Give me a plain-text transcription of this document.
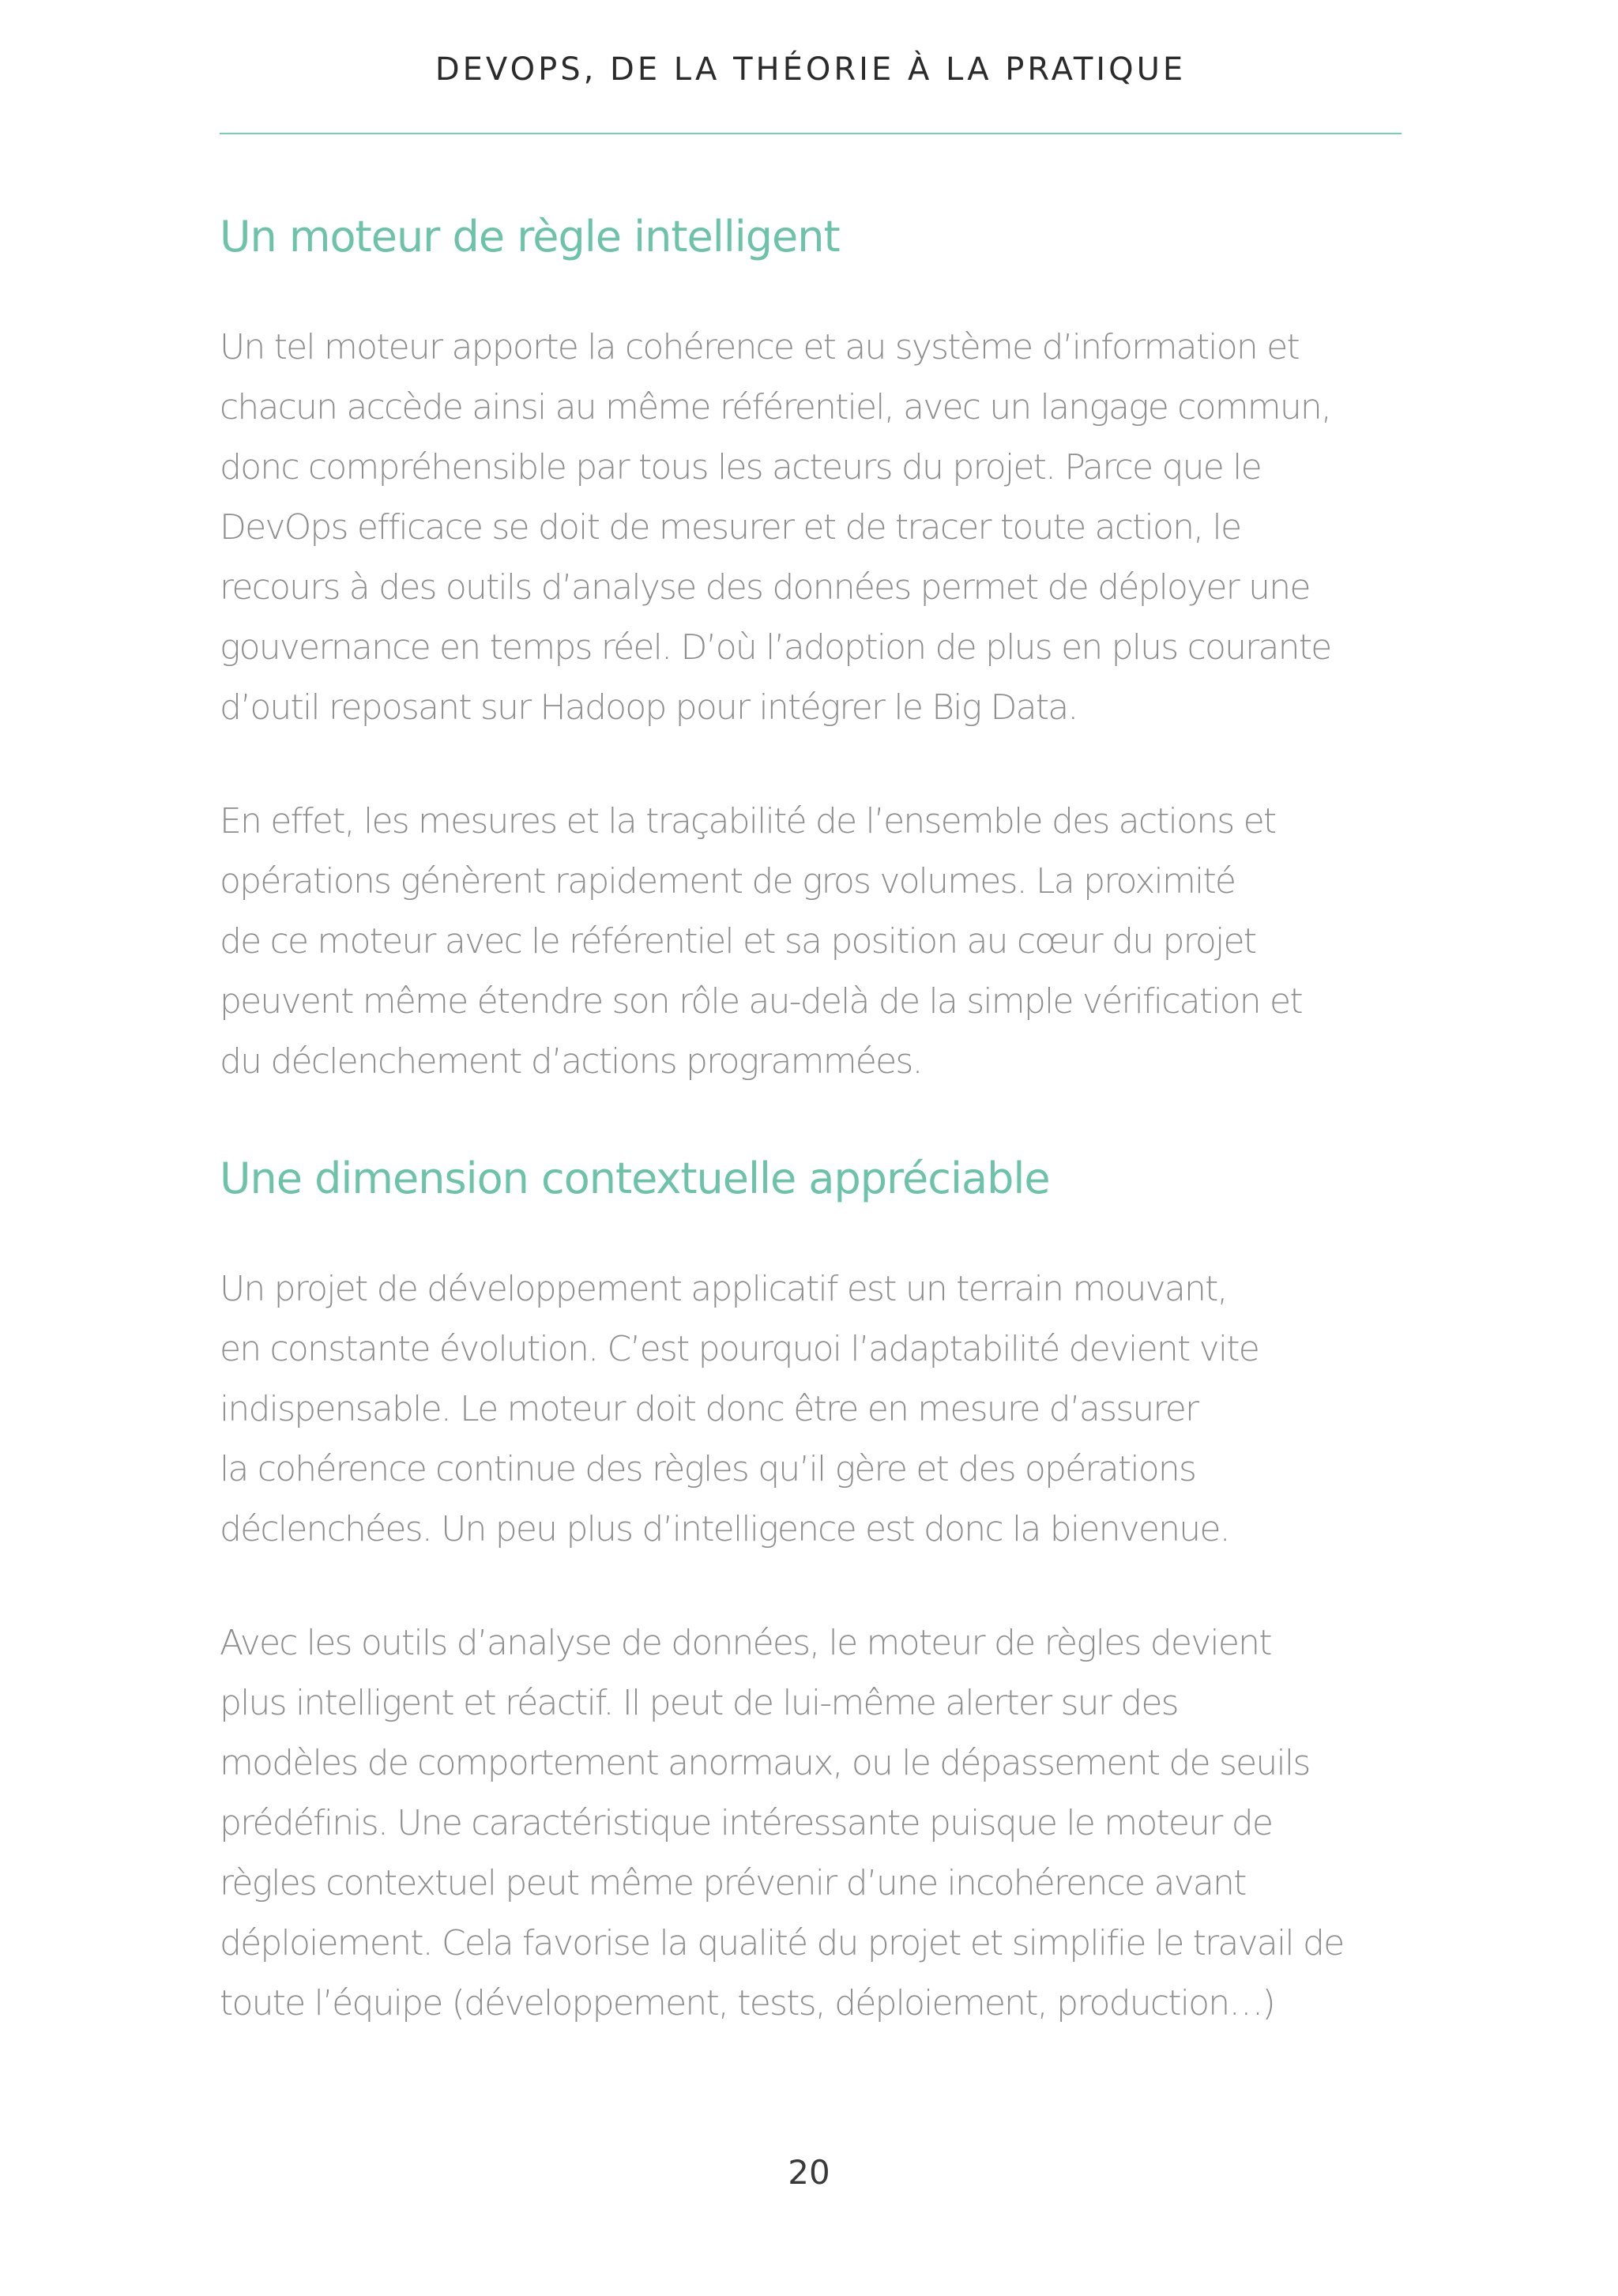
DEVOPS, DE LA THÉORIE À LA PRATIQUE
Un moteur de règle intelligent

Un tel moteur apporte la cohérence et au système d’information et
chacun accède ainsi au même référentiel, avec un langage commun,
donc compréhensible par tous les acteurs du projet. Parce que le
DevOps efficace se doit de mesurer et de tracer toute action, le
recours à des outils d’analyse des données permet de déployer une
gouvernance en temps réel. D’où l’adoption de plus en plus courante
d’outil reposant sur Hadoop pour intégrer le Big Data.

En effet, les mesures et la traçabilité de l’ensemble des actions et
opérations génèrent rapidement de gros volumes. La proximité
de ce moteur avec le référentiel et sa position au cœur du projet
peuvent même étendre son rôle au-delà de la simple vérification et
du déclenchement d’actions programmées.

Une dimension contextuelle appréciable

Un projet de développement applicatif est un terrain mouvant,
en constante évolution. C’est pourquoi l’adaptabilité devient vite
indispensable. Le moteur doit donc être en mesure d’assurer
la cohérence continue des règles qu’il gère et des opérations
déclenchées. Un peu plus d’intelligence est donc la bienvenue.

Avec les outils d’analyse de données, le moteur de règles devient
plus intelligent et réactif. Il peut de lui-même alerter sur des
modèles de comportement anormaux, ou le dépassement de seuils
prédéfinis. Une caractéristique intéressante puisque le moteur de
règles contextuel peut même prévenir d’une incohérence avant
déploiement. Cela favorise la qualité du projet et simplifie le travail de
toute l’équipe (développement, tests, déploiement, production…)

20
